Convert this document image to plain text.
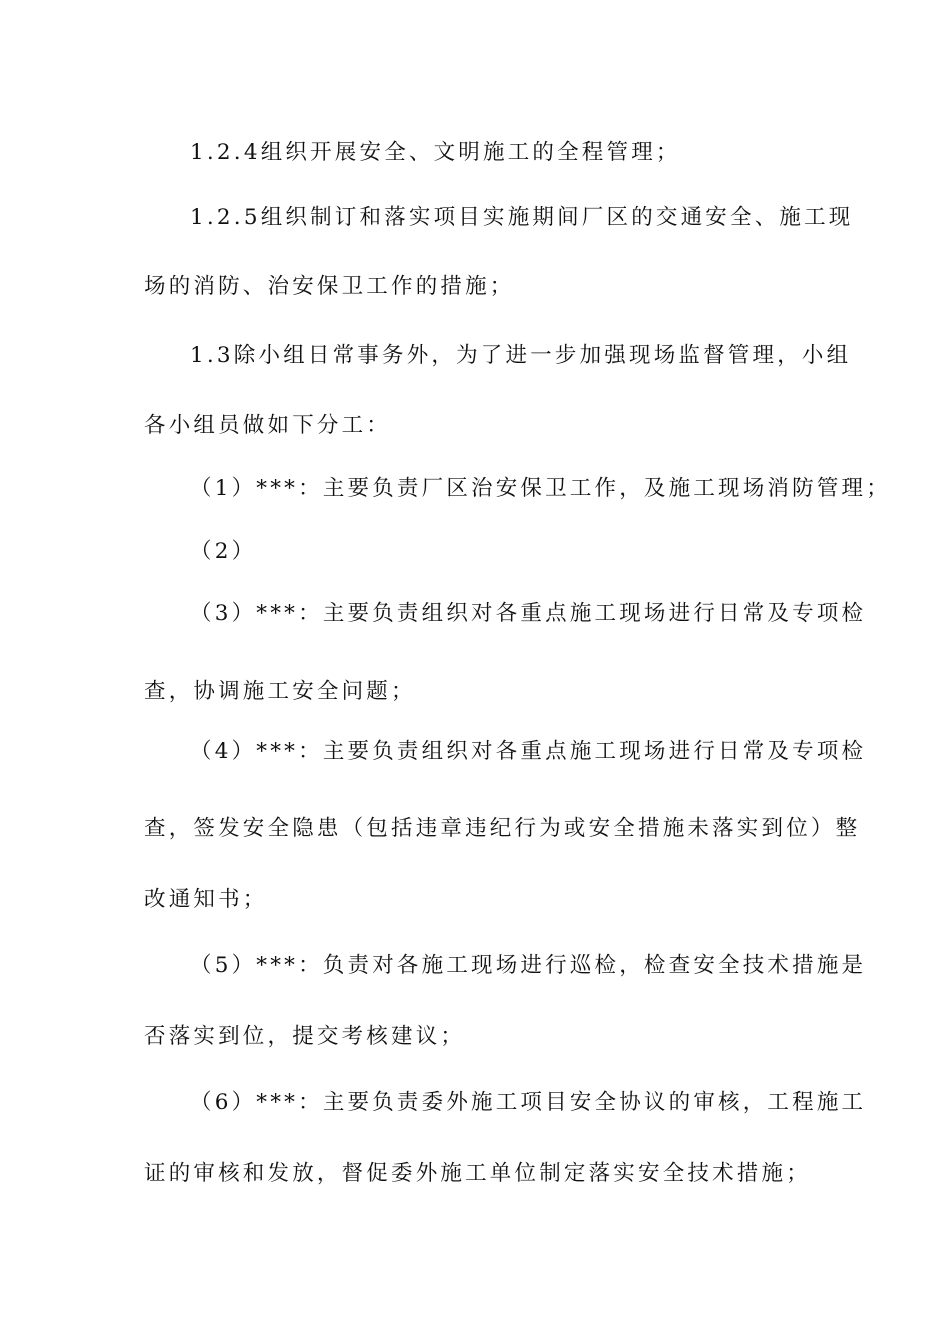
1.2.4组织开展安全、文明施工的全程管理；
1.2.5组织制订和落实项目实施期间厂区的交通安全、施工现
场的消防、治安保卫工作的措施；
1.3除小组日常事务外，为了进一步加强现场监督管理，小组
各小组员做如下分工：
（1）***：主要负责厂区治安保卫工作，及施工现场消防管理；
（2）
（3）***：主要负责组织对各重点施工现场进行日常及专项检
查，协调施工安全问题；
（4）***：主要负责组织对各重点施工现场进行日常及专项检
查，签发安全隐患（包括违章违纪行为或安全措施未落实到位）整
改通知书；
（5）***：负责对各施工现场进行巡检，检查安全技术措施是
否落实到位，提交考核建议；
（6）***：主要负责委外施工项目安全协议的审核，工程施工
证的审核和发放，督促委外施工单位制定落实安全技术措施；
